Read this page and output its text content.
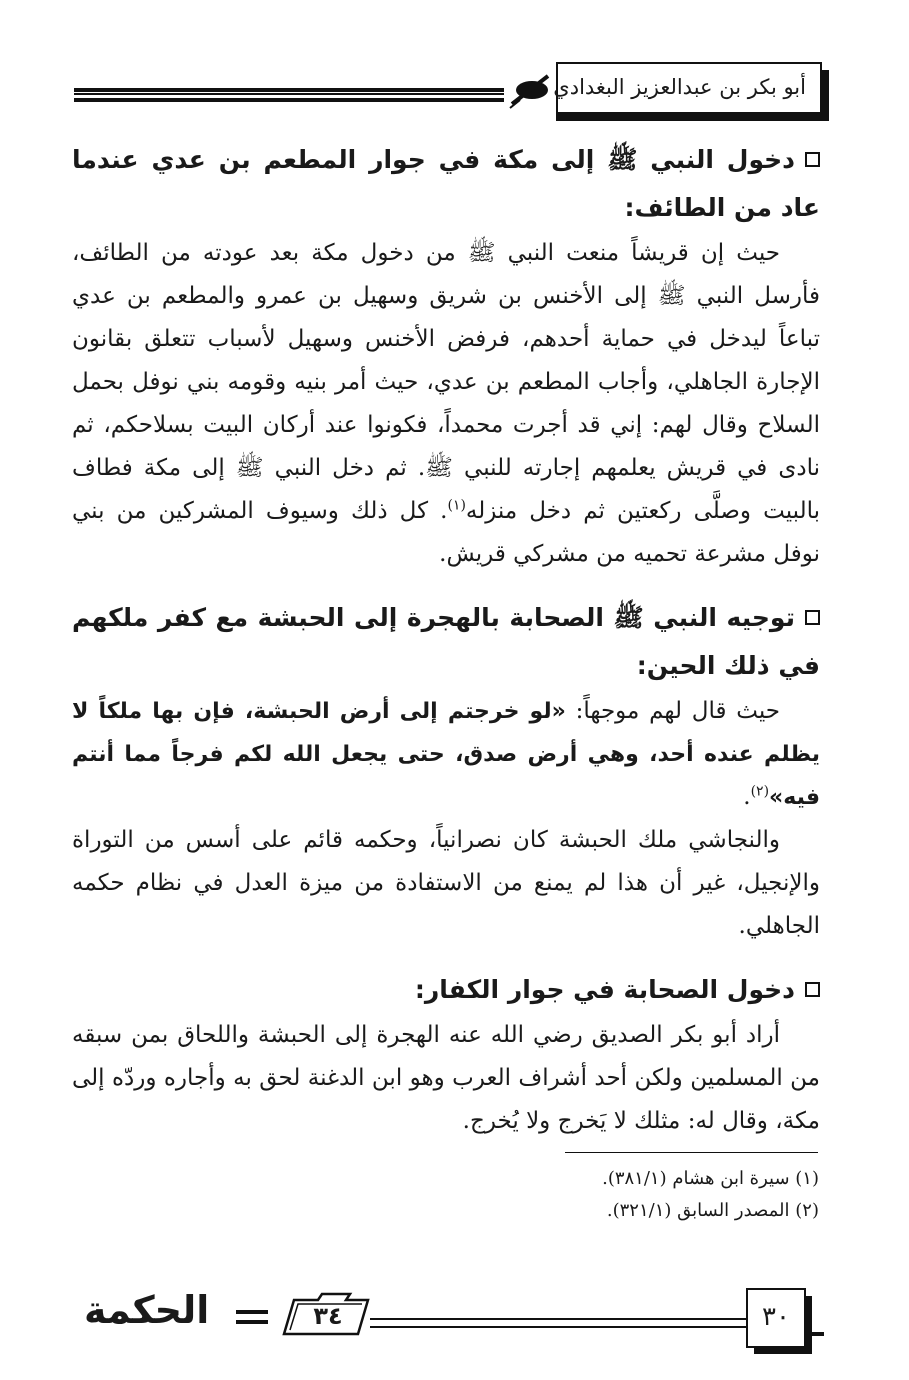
أبو بكر بن عبدالعزيز البغدادي
دخول النبي ﷺ إلى مكة في جوار المطعم بن عدي عندما عاد من الطائف:

حيث إن قريشاً منعت النبي ﷺ من دخول مكة بعد عودته من الطائف، فأرسل النبي ﷺ إلى الأخنس بن شريق وسهيل بن عمرو والمطعم بن عدي تباعاً ليدخل في حماية أحدهم، فرفض الأخنس وسهيل لأسباب تتعلق بقانون الإجارة الجاهلي، وأجاب المطعم بن عدي، حيث أمر بنيه وقومه بني نوفل بحمل السلاح وقال لهم: إني قد أجرت محمداً، فكونوا عند أركان البيت بسلاحكم، ثم نادى في قريش يعلمهم إجارته للنبي ﷺ. ثم دخل النبي ﷺ إلى مكة فطاف بالبيت وصلَّى ركعتين ثم دخل منزله$^{(١)}$. كل ذلك وسيوف المشركين من بني نوفل مشرعة تحميه من مشركي قريش.

توجيه النبي ﷺ الصحابة بالهجرة إلى الحبشة مع كفر ملكهم في ذلك الحين:

حيث قال لهم موجهاً: «لو خرجتم إلى أرض الحبشة، فإن بها ملكاً لا يظلم عنده أحد، وهي أرض صدق، حتى يجعل الله لكم فرجاً مما أنتم فيه»$^{(٢)}$.

والنجاشي ملك الحبشة كان نصرانياً، وحكمه قائم على أسس من التوراة والإنجيل، غير أن هذا لم يمنع من الاستفادة من ميزة العدل في نظام حكمه الجاهلي.

دخول الصحابة في جوار الكفار:

أراد أبو بكر الصديق رضي الله عنه الهجرة إلى الحبشة واللحاق بمن سبقه من المسلمين ولكن أحد أشراف العرب وهو ابن الدغنة لحق به وأجاره وردّه إلى مكة، وقال له: مثلك لا يَخرج ولا يُخرج.

(١) سيرة ابن هشام (٣٨١/١).
(٢) المصدر السابق (٣٢١/١).
الحكمة	٣٤	٣٠
